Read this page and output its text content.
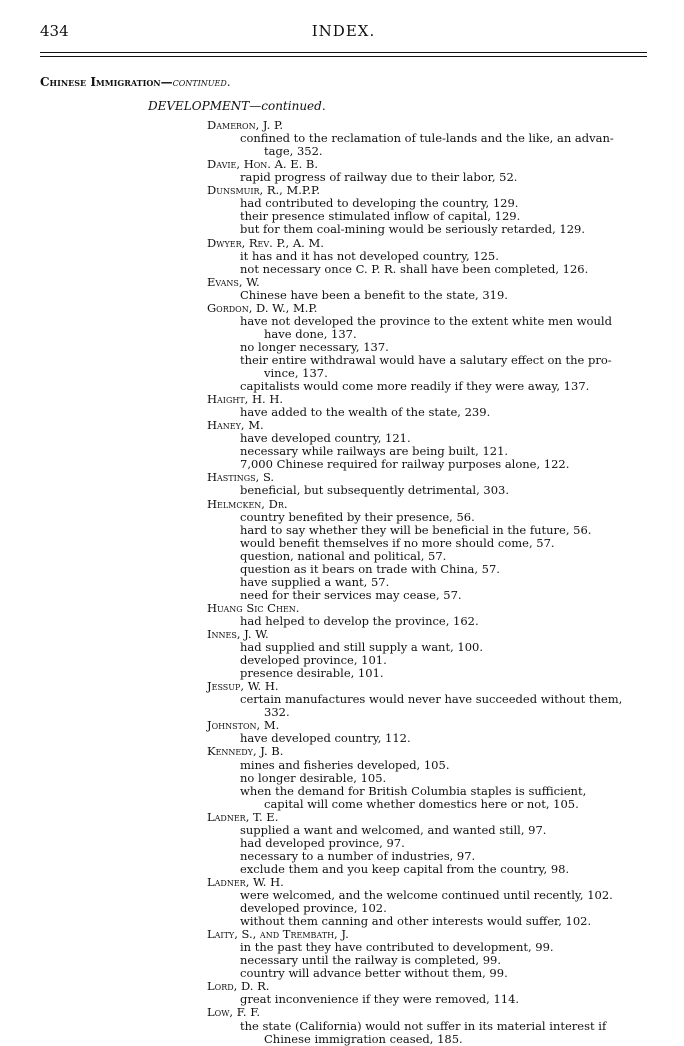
434	INDEX.
Chinese Immigration—continued.
DEVELOPMENT—continued.
Dameron, J. P.
confined to the reclamation of tule-lands and the like, an advan-
tage, 352.
Davie, Hon. A. E. B.
rapid progress of railway due to their labor, 52.
Dunsmuir, R., M.P.P.
had contributed to developing the country, 129.
their presence stimulated inflow of capital, 129.
but for them coal-mining would be seriously retarded, 129.
Dwyer, Rev. P., A. M.
it has and it has not developed country, 125.
not necessary once C. P. R. shall have been completed, 126.
Evans, W.
Chinese have been a benefit to the state, 319.
Gordon, D. W., M.P.
have not developed the province to the extent white men would
have done, 137.
no longer necessary, 137.
their entire withdrawal would have a salutary effect on the pro-
vince, 137.
capitalists would come more readily if they were away, 137.
Haight, H. H.
have added to the wealth of the state, 239.
Haney, M.
have developed country, 121.
necessary while railways are being built, 121.
7,000 Chinese required for railway purposes alone, 122.
Hastings, S.
beneficial, but subsequently detrimental, 303.
Helmcken, Dr.
country benefited by their presence, 56.
hard to say whether they will be beneficial in the future, 56.
would benefit themselves if no more should come, 57.
question, national and political, 57.
question as it bears on trade with China, 57.
have supplied a want, 57.
need for their services may cease, 57.
Huang Sic Chen.
had helped to develop the province, 162.
Innes, J. W.
had supplied and still supply a want, 100.
developed province, 101.
presence desirable, 101.
Jessup, W. H.
certain manufactures would never have succeeded without them,
332.
Johnston, M.
have developed country, 112.
Kennedy, J. B.
mines and fisheries developed, 105.
no longer desirable, 105.
when the demand for British Columbia staples is sufficient,
capital will come whether domestics here or not, 105.
Ladner, T. E.
supplied a want and welcomed, and wanted still, 97.
had developed province, 97.
necessary to a number of industries, 97.
exclude them and you keep capital from the country, 98.
Ladner, W. H.
were welcomed, and the welcome continued until recently, 102.
developed province, 102.
without them canning and other interests would suffer, 102.
Laity, S., and Trembath, J.
in the past they have contributed to development, 99.
necessary until the railway is completed, 99.
country will advance better without them, 99.
Lord, D. R.
great inconvenience if they were removed, 114.
Low, F. F.
the state (California) would not suffer in its material interest if
Chinese immigration ceased, 185.
